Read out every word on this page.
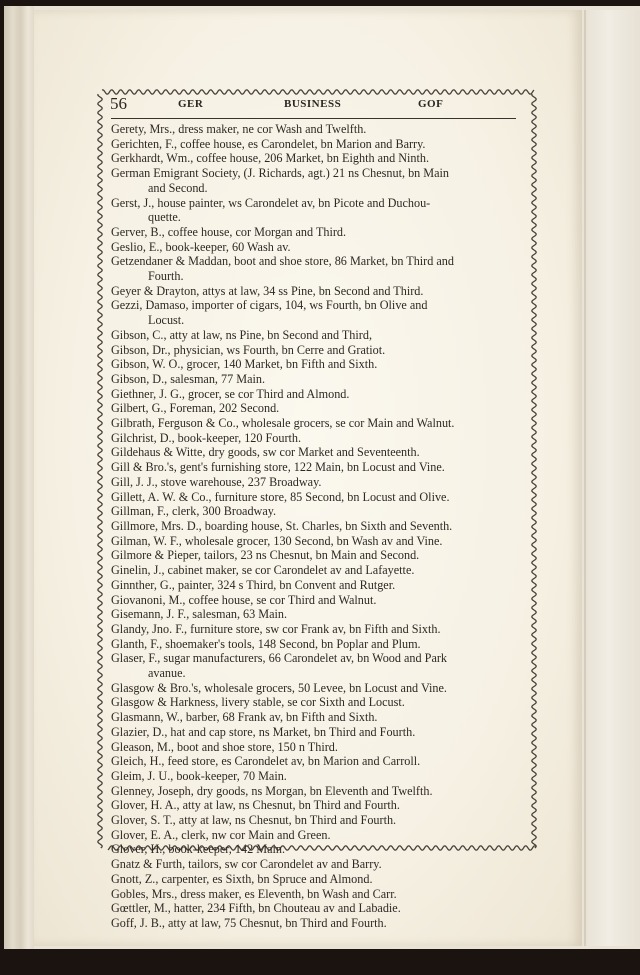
56	GER	BUSINESS	GOF
Gerety, Mrs., dress maker, ne cor Wash and Twelfth.
Gerichten, F., coffee house, es Carondelet, bn Marion and Barry.
Gerkhardt, Wm., coffee house, 206 Market, bn Eighth and Ninth.
German Emigrant Society, (J. Richards, agt.) 21 ns Chesnut, bn Main
and Second.
Gerst, J., house painter, ws Carondelet av, bn Picote and Duchou-
quette.
Gerver, B., coffee house, cor Morgan and Third.
Geslio, E., book-keeper, 60 Wash av.
Getzendaner & Maddan, boot and shoe store, 86 Market, bn Third and
Fourth.
Geyer & Drayton, attys at law, 34 ss Pine, bn Second and Third.
Gezzi, Damaso, importer of cigars, 104, ws Fourth, bn Olive and
Locust.
Gibson, C., atty at law, ns Pine, bn Second and Third,
Gibson, Dr., physician, ws Fourth, bn Cerre and Gratiot.
Gibson, W. O., grocer, 140 Market, bn Fifth and Sixth.
Gibson, D., salesman, 77 Main.
Giethner, J. G., grocer, se cor Third and Almond.
Gilbert, G., Foreman, 202 Second.
Gilbrath, Ferguson & Co., wholesale grocers, se cor Main and Walnut.
Gilchrist, D., book-keeper, 120 Fourth.
Gildehaus & Witte, dry goods, sw cor Market and Seventeenth.
Gill & Bro.'s, gent's furnishing store, 122 Main, bn Locust and Vine.
Gill, J. J., stove warehouse, 237 Broadway.
Gillett, A. W. & Co., furniture store, 85 Second, bn Locust and Olive.
Gillman, F., clerk, 300 Broadway.
Gillmore, Mrs. D., boarding house, St. Charles, bn Sixth and Seventh.
Gilman, W. F., wholesale grocer, 130 Second, bn Wash av and Vine.
Gilmore & Pieper, tailors, 23 ns Chesnut, bn Main and Second.
Ginelin, J., cabinet maker, se cor Carondelet av and Lafayette.
Ginnther, G., painter, 324 s Third, bn Convent and Rutger.
Giovanoni, M., coffee house, se cor Third and Walnut.
Gisemann, J. F., salesman, 63 Main.
Glandy, Jno. F., furniture store, sw cor Frank av, bn Fifth and Sixth.
Glanth, F., shoemaker's tools, 148 Second, bn Poplar and Plum.
Glaser, F., sugar manufacturers, 66 Carondelet av, bn Wood and Park
avanue.
Glasgow & Bro.'s, wholesale grocers, 50 Levee, bn Locust and Vine.
Glasgow & Harkness, livery stable, se cor Sixth and Locust.
Glasmann, W., barber, 68 Frank av, bn Fifth and Sixth.
Glazier, D., hat and cap store, ns Market, bn Third and Fourth.
Gleason, M., boot and shoe store, 150 n Third.
Gleich, H., feed store, es Carondelet av, bn Marion and Carroll.
Gleim, J. U., book-keeper, 70 Main.
Glenney, Joseph, dry goods, ns Morgan, bn Eleventh and Twelfth.
Glover, H. A., atty at law, ns Chesnut, bn Third and Fourth.
Glover, S. T., atty at law, ns Chesnut, bn Third and Fourth.
Glover, E. A., clerk, nw cor Main and Green.
Glover, H., book-keeper, 142 Main.
Gnatz & Furth, tailors, sw cor Carondelet av and Barry.
Gnott, Z., carpenter, es Sixth, bn Spruce and Almond.
Gobles, Mrs., dress maker, es Eleventh, bn Wash and Carr.
Gœttler, M., hatter, 234 Fifth, bn Chouteau av and Labadie.
Goff, J. B., atty at law, 75 Chesnut, bn Third and Fourth.
